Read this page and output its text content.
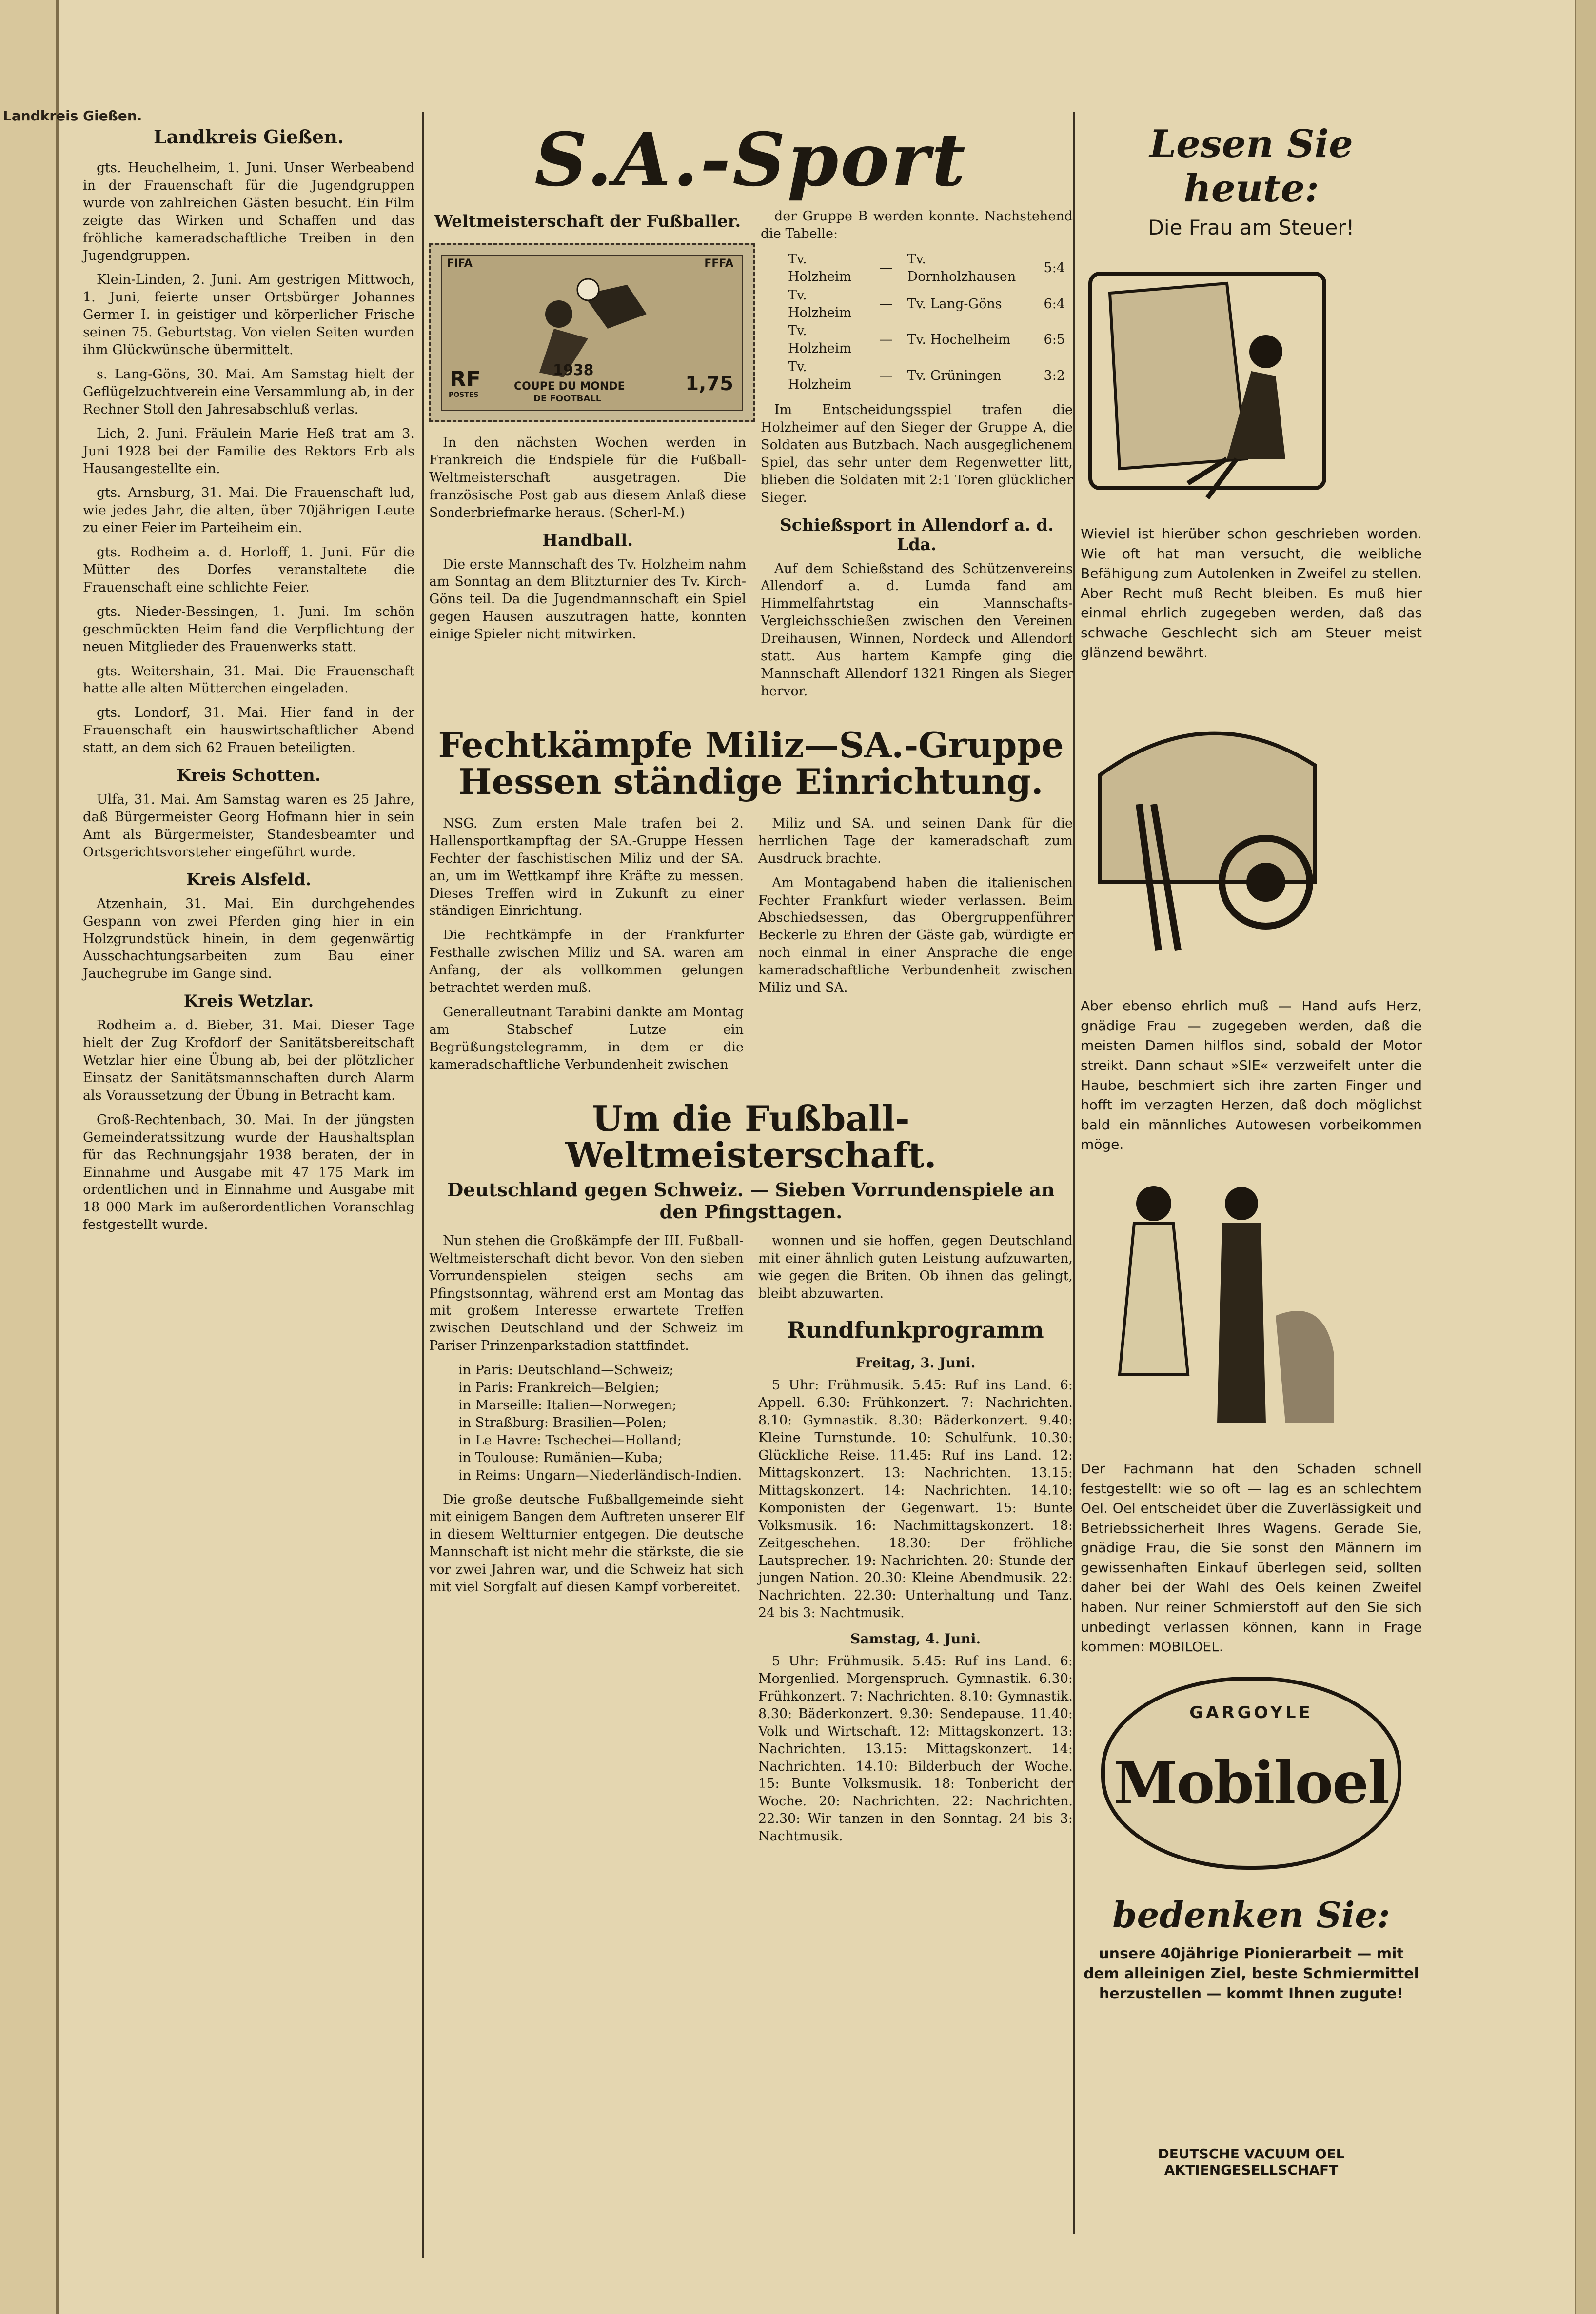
Landkreis Gießen.
Landkreis Gießen.

gts. Heuchelheim, 1. Juni. Unser Werbeabend in der Frauenschaft für die Jugendgruppen wurde von zahlreichen Gästen besucht. Ein Film zeigte das Wirken und Schaffen und das fröhliche kameradschaftliche Treiben in den Jugendgruppen.

Klein-Linden, 2. Juni. Am gestrigen Mittwoch, 1. Juni, feierte unser Ortsbürger Johannes Germer I. in geistiger und körperlicher Frische seinen 75. Geburtstag. Von vielen Seiten wurden ihm Glückwünsche übermittelt.

s. Lang-Göns, 30. Mai. Am Samstag hielt der Geflügelzuchtverein eine Versammlung ab, in der Rechner Stoll den Jahresabschluß verlas.

Lich, 2. Juni. Fräulein Marie Heß trat am 3. Juni 1928 bei der Familie des Rektors Erb als Hausangestellte ein.

gts. Arnsburg, 31. Mai. Die Frauenschaft lud, wie jedes Jahr, die alten, über 70jährigen Leute zu einer Feier im Parteiheim ein.

gts. Rodheim a. d. Horloff, 1. Juni. Für die Mütter des Dorfes veranstaltete die Frauenschaft eine schlichte Feier.

gts. Nieder-Bessingen, 1. Juni. Im schön geschmückten Heim fand die Verpflichtung der neuen Mitglieder des Frauenwerks statt.

gts. Weitershain, 31. Mai. Die Frauenschaft hatte alle alten Mütterchen eingeladen.

gts. Londorf, 31. Mai. Hier fand in der Frauenschaft ein hauswirtschaftlicher Abend statt, an dem sich 62 Frauen beteiligten.

Kreis Schotten.

Ulfa, 31. Mai. Am Samstag waren es 25 Jahre, daß Bürgermeister Georg Hofmann hier in sein Amt als Bürgermeister, Standesbeamter und Ortsgerichtsvorsteher eingeführt wurde.

Kreis Alsfeld.

Atzenhain, 31. Mai. Ein durchgehendes Gespann von zwei Pferden ging hier in ein Holzgrundstück hinein, in dem gegenwärtig Ausschachtungsarbeiten zum Bau einer Jauchegrube im Gange sind.

Kreis Wetzlar.

Rodheim a. d. Bieber, 31. Mai. Dieser Tage hielt der Zug Krofdorf der Sanitätsbereitschaft Wetzlar hier eine Übung ab, bei der plötzlicher Einsatz der Sanitätsmannschaften durch Alarm als Voraussetzung der Übung in Betracht kam.

Groß-Rechtenbach, 30. Mai. In der jüngsten Gemeinderatssitzung wurde der Haushaltsplan für das Rechnungsjahr 1938 beraten, der in Einnahme und Ausgabe mit 47 175 Mark im ordentlichen und in Einnahme und Ausgabe mit 18 000 Mark im außerordentlichen Voranschlag festgestellt wurde.

S.A.-Sport
Weltmeisterschaft der Fußballer.
FIFA	FFFA
RF
POSTES
1938
COUPE DU MONDE
DE FOOTBALL
1,75

In den nächsten Wochen werden in Frankreich die Endspiele für die Fußball-Weltmeisterschaft ausgetragen. Die französische Post gab aus diesem Anlaß diese Sonderbriefmarke heraus. (Scherl-M.)

Handball.

Die erste Mannschaft des Tv. Holzheim nahm am Sonntag an dem Blitzturnier des Tv. Kirch-Göns teil. Da die Jugendmannschaft ein Spiel gegen Hausen auszutragen hatte, konnten einige Spieler nicht mitwirken.

der Gruppe B werden konnte. Nachstehend die Tabelle:

Tv. Holzheim	—	Tv. Dornholzhausen	5:4
Tv. Holzheim	—	Tv. Lang-Göns	6:4
Tv. Holzheim	—	Tv. Hochelheim	6:5
Tv. Holzheim	—	Tv. Grüningen	3:2

Im Entscheidungsspiel trafen die Holzheimer auf den Sieger der Gruppe A, die Soldaten aus Butzbach. Nach ausgeglichenem Spiel, das sehr unter dem Regenwetter litt, blieben die Soldaten mit 2:1 Toren glücklicher Sieger.

Schießsport in Allendorf a. d. Lda.

Auf dem Schießstand des Schützenvereins Allendorf a. d. Lumda fand am Himmelfahrtstag ein Mannschafts-Vergleichsschießen zwischen den Vereinen Dreihausen, Winnen, Nordeck und Allendorf statt. Aus hartem Kampfe ging die Mannschaft Allendorf 1321 Ringen als Sieger hervor.

Fechtkämpfe Miliz—SA.-Gruppe Hessen ständige Einrichtung.

NSG. Zum ersten Male trafen bei 2. Hallensportkampftag der SA.-Gruppe Hessen Fechter der faschistischen Miliz und der SA. an, um im Wettkampf ihre Kräfte zu messen. Dieses Treffen wird in Zukunft zu einer ständigen Einrichtung.

Die Fechtkämpfe in der Frankfurter Festhalle zwischen Miliz und SA. waren am Anfang, der als vollkommen gelungen betrachtet werden muß.

Generalleutnant Tarabini dankte am Montag am Stabschef Lutze ein Begrüßungstelegramm, in dem er die kameradschaftliche Verbundenheit zwischen

Miliz und SA. und seinen Dank für die herrlichen Tage der kameradschaft zum Ausdruck brachte.

Am Montagabend haben die italienischen Fechter Frankfurt wieder verlassen. Beim Abschiedsessen, das Obergruppenführer Beckerle zu Ehren der Gäste gab, würdigte er noch einmal in einer Ansprache die enge kameradschaftliche Verbundenheit zwischen Miliz und SA.

Um die Fußball-Weltmeisterschaft.
Deutschland gegen Schweiz. — Sieben Vorrundenspiele an den Pfingsttagen.

Nun stehen die Großkämpfe der III. Fußball-Weltmeisterschaft dicht bevor. Von den sieben Vorrundenspielen steigen sechs am Pfingstsonntag, während erst am Montag das mit großem Interesse erwartete Treffen zwischen Deutschland und der Schweiz im Pariser Prinzenparkstadion stattfindet.

in Paris: Deutschland—Schweiz;
in Paris: Frankreich—Belgien;
in Marseille: Italien—Norwegen;
in Straßburg: Brasilien—Polen;
in Le Havre: Tschechei—Holland;
in Toulouse: Rumänien—Kuba;
in Reims: Ungarn—Niederländisch-Indien.

Die große deutsche Fußballgemeinde sieht mit einigem Bangen dem Auftreten unserer Elf in diesem Weltturnier entgegen. Die deutsche Mannschaft ist nicht mehr die stärkste, die sie vor zwei Jahren war, und die Schweiz hat sich mit viel Sorgfalt auf diesen Kampf vorbereitet.

wonnen und sie hoffen, gegen Deutschland mit einer ähnlich guten Leistung aufzuwarten, wie gegen die Briten. Ob ihnen das gelingt, bleibt abzuwarten.

Rundfunkprogramm
Freitag, 3. Juni.

5 Uhr: Frühmusik. 5.45: Ruf ins Land. 6: Appell. 6.30: Frühkonzert. 7: Nachrichten. 8.10: Gymnastik. 8.30: Bäderkonzert. 9.40: Kleine Turnstunde. 10: Schulfunk. 10.30: Glückliche Reise. 11.45: Ruf ins Land. 12: Mittagskonzert. 13: Nachrichten. 13.15: Mittagskonzert. 14: Nachrichten. 14.10: Komponisten der Gegenwart. 15: Bunte Volksmusik. 16: Nachmittagskonzert. 18: Zeitgeschehen. 18.30: Der fröhliche Lautsprecher. 19: Nachrichten. 20: Stunde der jungen Nation. 20.30: Kleine Abendmusik. 22: Nachrichten. 22.30: Unterhaltung und Tanz. 24 bis 3: Nachtmusik.

Samstag, 4. Juni.

5 Uhr: Frühmusik. 5.45: Ruf ins Land. 6: Morgenlied. Morgenspruch. Gymnastik. 6.30: Frühkonzert. 7: Nachrichten. 8.10: Gymnastik. 8.30: Bäderkonzert. 9.30: Sendepause. 11.40: Volk und Wirtschaft. 12: Mittagskonzert. 13: Nachrichten. 13.15: Mittagskonzert. 14: Nachrichten. 14.10: Bilderbuch der Woche. 15: Bunte Volksmusik. 18: Tonbericht der Woche. 20: Nachrichten. 22: Nachrichten. 22.30: Wir tanzen in den Sonntag. 24 bis 3: Nachtmusik.

Lesen Sie heute:
Die Frau am Steuer!

Wieviel ist hierüber schon geschrieben worden. Wie oft hat man versucht, die weibliche Befähigung zum Autolenken in Zweifel zu stellen. Aber Recht muß Recht bleiben. Es muß hier einmal ehrlich zugegeben werden, daß das schwache Geschlecht sich am Steuer meist glänzend bewährt.

Aber ebenso ehrlich muß — Hand aufs Herz, gnädige Frau — zugegeben werden, daß die meisten Damen hilflos sind, sobald der Motor streikt. Dann schaut »SIE« verzweifelt unter die Haube, beschmiert sich ihre zarten Finger und hofft im verzagten Herzen, daß doch möglichst bald ein männliches Autowesen vorbeikommen möge.

Der Fachmann hat den Schaden schnell festgestellt: wie so oft — lag es an schlechtem Oel. Oel entscheidet über die Zuverlässigkeit und Betriebssicherheit Ihres Wagens. Gerade Sie, gnädige Frau, die Sie sonst den Männern im gewissenhaften Einkauf überlegen seid, sollten daher bei der Wahl des Oels keinen Zweifel haben. Nur reiner Schmierstoff auf den Sie sich unbedingt verlassen können, kann in Frage kommen: MOBILOEL.

GARGOYLE
Mobiloel
bedenken Sie:
unsere 40jährige Pionierarbeit — mit
dem alleinigen Ziel, beste Schmiermittel
herzustellen — kommt Ihnen zugute!
DEUTSCHE VACUUM OEL AKTIENGESELLSCHAFT
